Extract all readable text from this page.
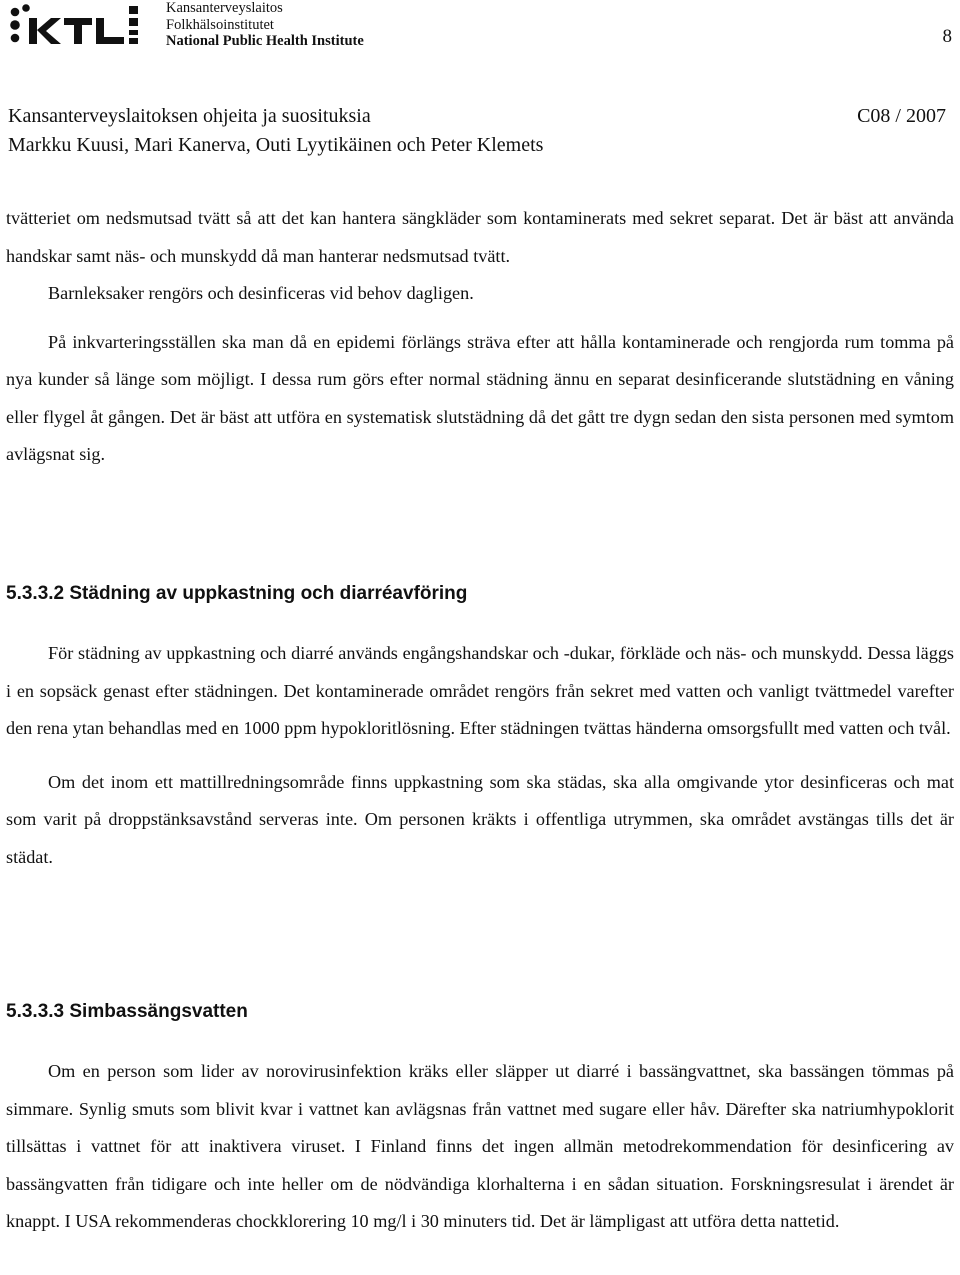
Kansanterveyslaitos
Folkhälsoinstitutet
National Public Health Institute	8
Kansanterveyslaitoksen ohjeita ja suosituksia	C08 / 2007
Markku Kuusi, Mari Kanerva, Outi Lyytikäinen och Peter Klemets

tvätteriet om nedsmutsad tvätt så att det kan hantera sängkläder som kontaminerats med sekret separat. Det är bäst att använda handskar samt näs- och munskydd då man hanterar nedsmutsad tvätt.

Barnleksaker rengörs och desinficeras vid behov dagligen.

På inkvarteringsställen ska man då en epidemi förlängs sträva efter att hålla kontaminerade och rengjorda rum tomma på nya kunder så länge som möjligt. I dessa rum görs efter normal städning ännu en separat desinficerande slutstädning en våning eller flygel åt gången. Det är bäst att utföra en systematisk slutstädning då det gått tre dygn sedan den sista personen med symtom avlägsnat sig.

5.3.3.2 Städning av uppkastning och diarréavföring

För städning av uppkastning och diarré används engångshandskar och -dukar, förkläde och näs- och munskydd. Dessa läggs i en sopsäck genast efter städningen. Det kontaminerade området rengörs från sekret med vatten och vanligt tvättmedel varefter den rena ytan behandlas med en 1000 ppm hypokloritlösning. Efter städningen tvättas händerna omsorgsfullt med vatten och tvål.

Om det inom ett mattillredningsområde finns uppkastning som ska städas, ska alla omgivande ytor desinficeras och mat som varit på droppstänksavstånd serveras inte. Om personen kräkts i offentliga utrymmen, ska området avstängas tills det är städat.

5.3.3.3 Simbassängsvatten

Om en person som lider av norovirusinfektion kräks eller släpper ut diarré i bassängvattnet, ska bassängen tömmas på simmare. Synlig smuts som blivit kvar i vattnet kan avlägsnas från vattnet med sugare eller håv. Därefter ska natriumhypoklorit tillsättas i vattnet för att inaktivera viruset. I Finland finns det ingen allmän metodrekommendation för desinficering av bassängvatten från tidigare och inte heller om de nödvändiga klorhalterna i en sådan situation. Forskningsresulat i ärendet är knappt. I USA rekommenderas chockklorering 10 mg/l i 30 minuters tid. Det är lämpligast att utföra detta nattetid.
